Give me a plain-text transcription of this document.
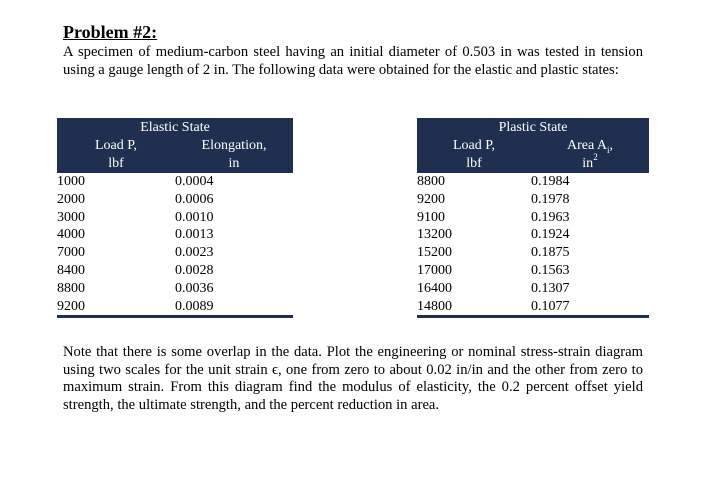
Problem #2:
A specimen of medium-carbon steel having an initial diameter of 0.503 in was tested in tension using a gauge length of 2 in. The following data were obtained for the elastic and plastic states:
Elastic State	
Load P,	Elongation,
lbf	in
1000	0.0004
2000	0.0006
3000	0.0010
4000	0.0013
7000	0.0023
8400	0.0028
8800	0.0036
9200	0.0089
Plastic State	
Load P,	Area $A_i$,
lbf	$in^2$
8800	0.1984
9200	0.1978
9100	0.1963
13200	0.1924
15200	0.1875
17000	0.1563
16400	0.1307
14800	0.1077
Note that there is some overlap in the data. Plot the engineering or nominal stress-strain diagram using two scales for the unit strain ϵ, one from zero to about 0.02 in/in and the other from zero to maximum strain. From this diagram find the modulus of elasticity, the 0.2 percent offset yield strength, the ultimate strength, and the percent reduction in area.
